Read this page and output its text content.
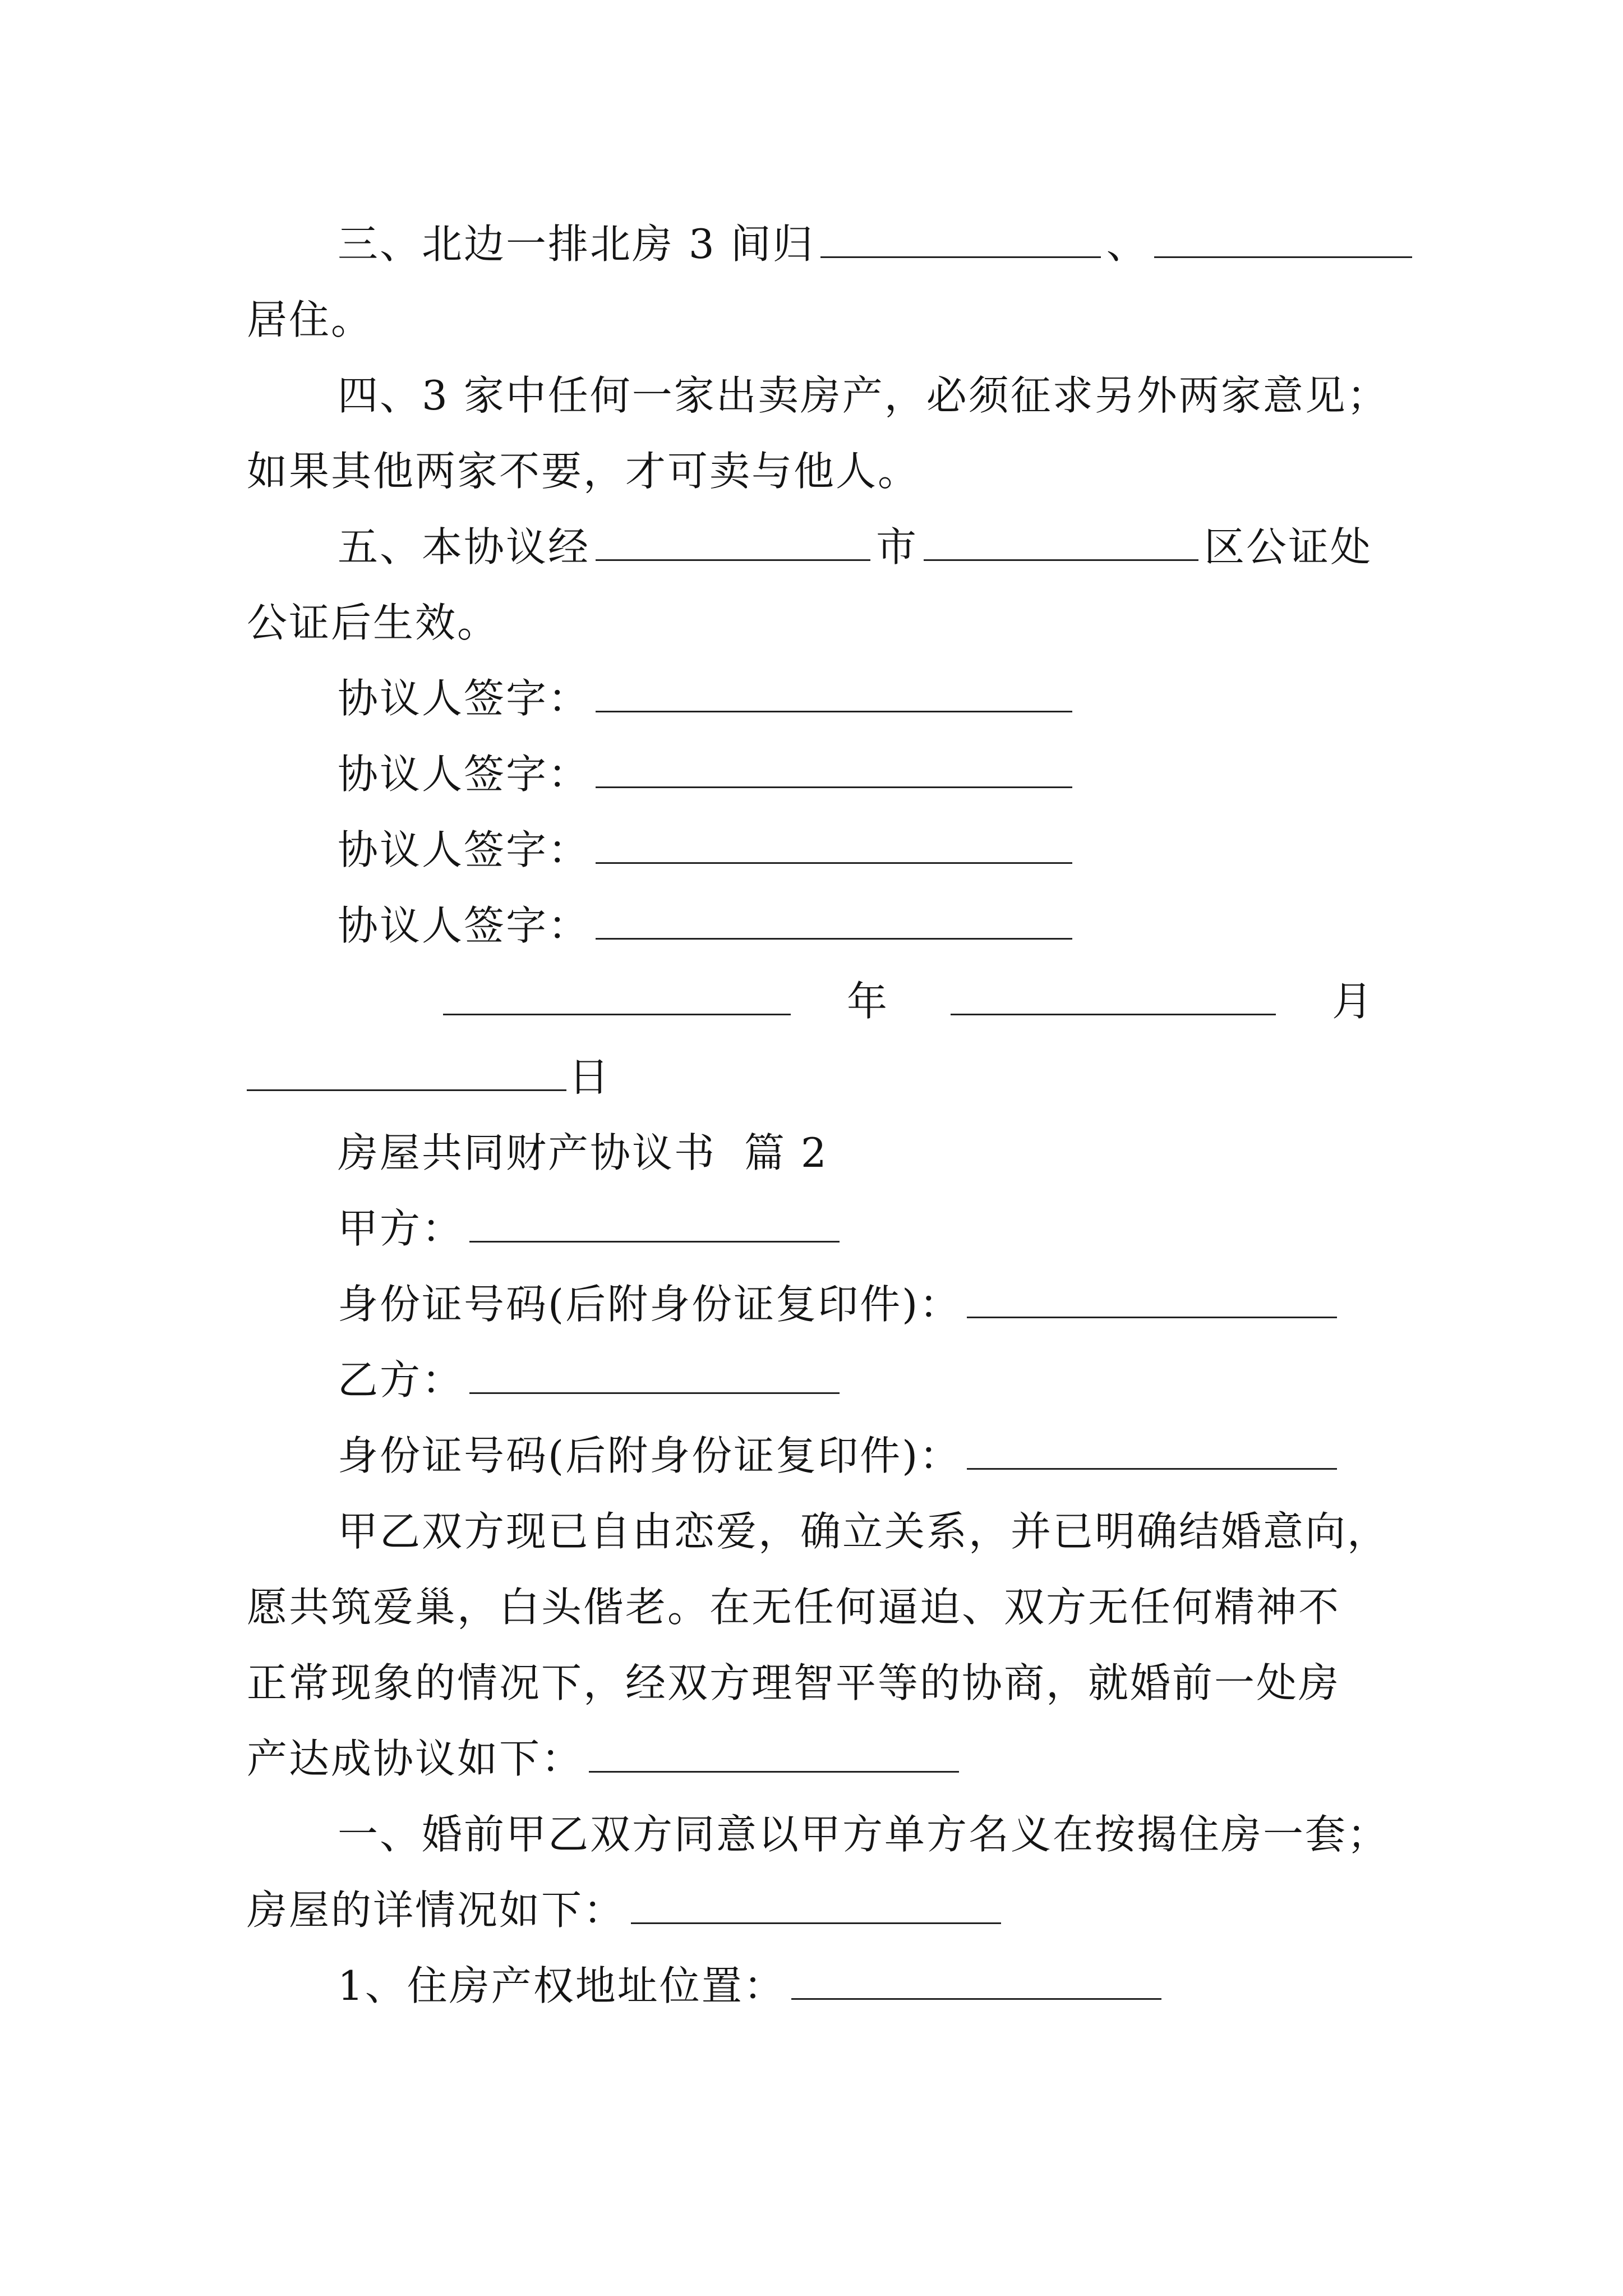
三、北边一排北房 3 间归	、
居住。
四、3 家中任何一家出卖房产，必须征求另外两家意见；
如果其他两家不要，才可卖与他人。
五、本协议经	市	区公证处
公证后生效。
协议人签字：
协议人签字：
协议人签字：
协议人签字：
年	月
日
房屋共同财产协议书 篇 2
甲方：
身份证号码(后附身份证复印件)：
乙方：
身份证号码(后附身份证复印件)：
甲乙双方现已自由恋爱，确立关系，并已明确结婚意向，
愿共筑爱巢，白头偕老。在无任何逼迫、双方无任何精神不
正常现象的情况下，经双方理智平等的协商，就婚前一处房
产达成协议如下：
一、婚前甲乙双方同意以甲方单方名义在按揭住房一套；
房屋的详情况如下：
1、住房产权地址位置：
